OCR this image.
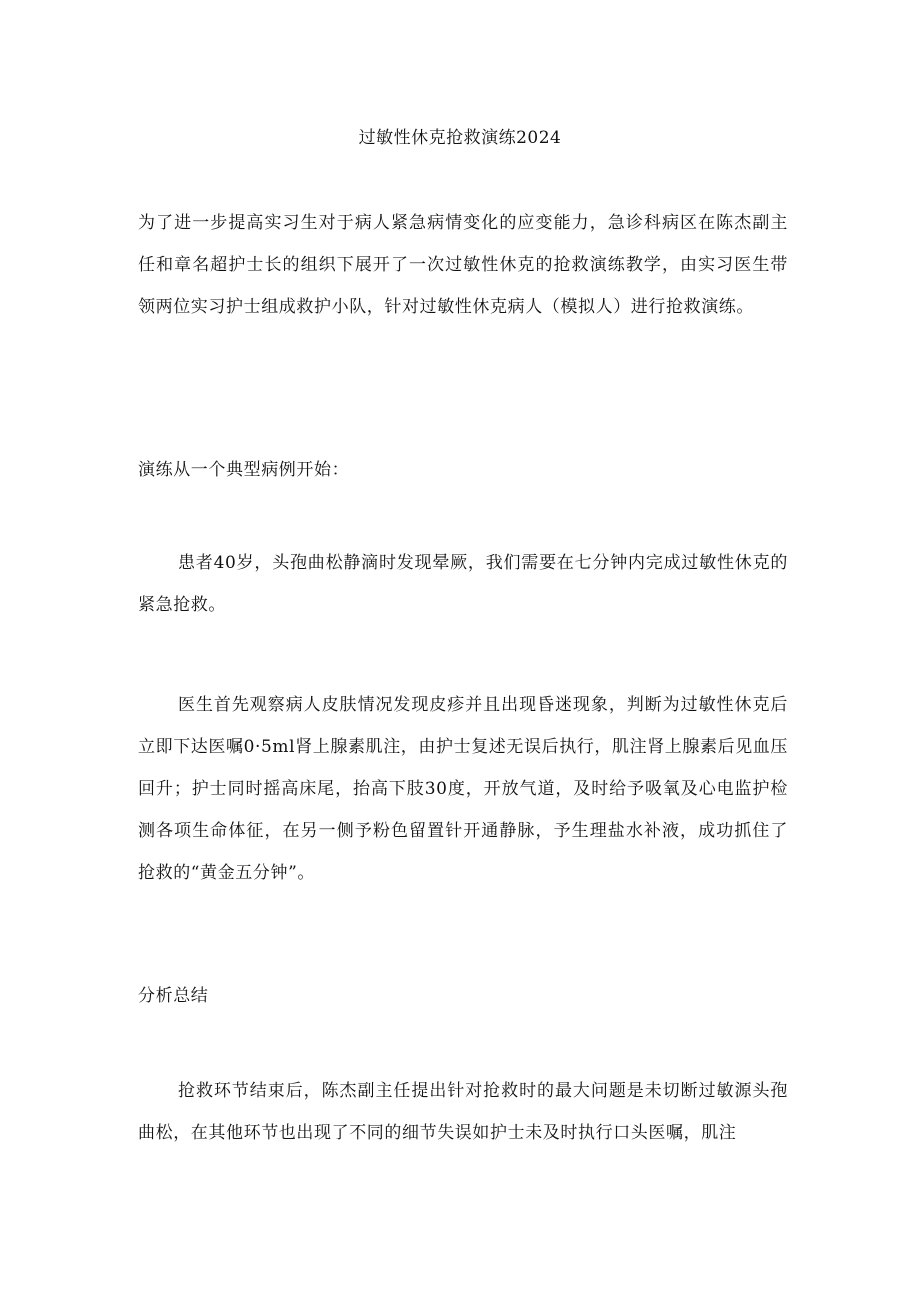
过敏性休克抢救演练2024

为了进一步提高实习生对于病人紧急病情变化的应变能力，急诊科病区在陈杰副主任和章名超护士长的组织下展开了一次过敏性休克的抢救演练教学，由实习医生带领两位实习护士组成救护小队，针对过敏性休克病人（模拟人）进行抢救演练。

演练从一个典型病例开始：

患者40岁，头孢曲松静滴时发现晕厥，我们需要在七分钟内完成过敏性休克的紧急抢救。

医生首先观察病人皮肤情况发现皮疹并且出现昏迷现象，判断为过敏性休克后立即下达医嘱0·5ml肾上腺素肌注，由护士复述无误后执行，肌注肾上腺素后见血压回升；护士同时摇高床尾，抬高下肢30度，开放气道，及时给予吸氧及心电监护检测各项生命体征，在另一侧予粉色留置针开通静脉，予生理盐水补液，成功抓住了抢救的“黄金五分钟”。

分析总结

抢救环节结束后，陈杰副主任提出针对抢救时的最大问题是未切断过敏源头孢曲松，在其他环节也出现了不同的细节失误如护士未及时执行口头医嘱，肌注
